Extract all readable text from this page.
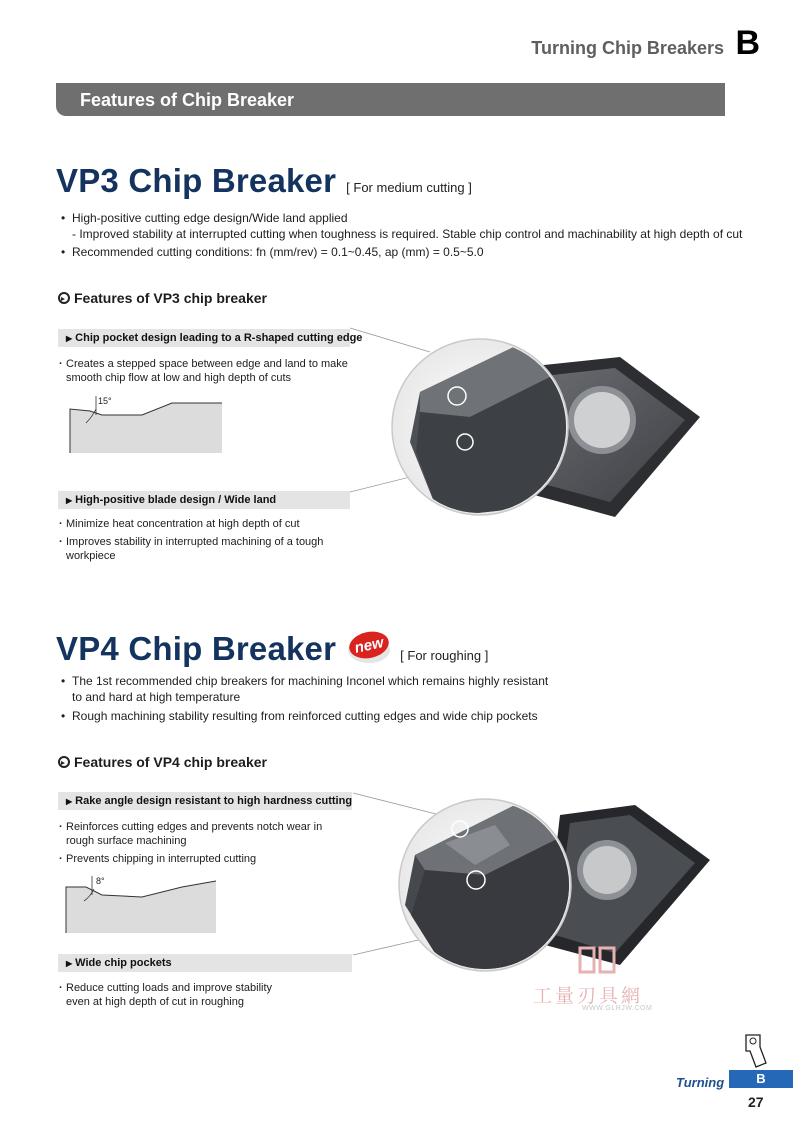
Turning Chip Breakers B
Features of Chip Breaker
VP3 Chip Breaker [ For medium cutting ]
• High-positive cutting edge design/Wide land applied
- Improved stability at interrupted cutting when toughness is required. Stable chip control and machinability at high depth of cut
• Recommended cutting conditions: fn (mm/rev) = 0.1~0.45, ap (mm) = 0.5~5.0
Features of VP3 chip breaker
▶ Chip pocket design leading to a R-shaped cutting edge
· Creates a stepped space between edge and land to make smooth chip flow at low and high depth of cuts
15°
▶ High-positive blade design / Wide land
· Minimize heat concentration at high depth of cut
· Improves stability in interrupted machining of a tough workpiece
VP4 Chip Breaker new [ For roughing ]
• The 1st recommended chip breakers for machining Inconel which remains highly resistant to and hard at high temperature
• Rough machining stability resulting from reinforced cutting edges and wide chip pockets
Features of VP4 chip breaker
▶ Rake angle design resistant to high hardness cutting
· Reinforces cutting edges and prevents notch wear in rough surface machining
· Prevents chipping in interrupted cutting
8°
▶ Wide chip pockets
· Reduce cutting loads and improve stability even at high depth of cut in roughing	工量刃具網
WWW.GLRJW.COM
Turning	B
27
